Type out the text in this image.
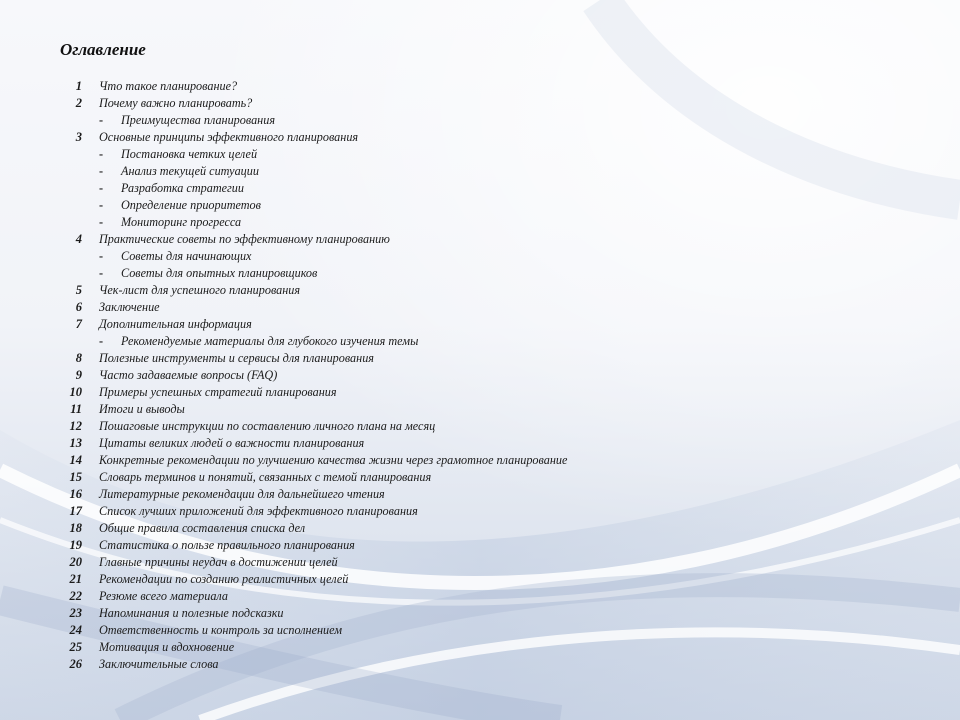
Оглавление
1 Что такое планирование?
2 Почему важно планировать?
-	Преимущества планирования
3 Основные принципы эффективного планирования
-	Постановка четких целей
-	Анализ текущей ситуации
-	Разработка стратегии
-	Определение приоритетов
-	Мониторинг прогресса
4 Практические советы по эффективному планированию
-	Советы для начинающих
-	Советы для опытных планировщиков
5 Чек-лист для успешного планирования
6 Заключение
7 Дополнительная информация
-	Рекомендуемые материалы для глубокого изучения темы
8 Полезные инструменты и сервисы для планирования
9 Часто задаваемые вопросы (FAQ)
10 Примеры успешных стратегий планирования
11 Итоги и выводы
12 Пошаговые инструкции по составлению личного плана на месяц
13 Цитаты великих людей о важности планирования
14 Конкретные рекомендации по улучшению качества жизни через грамотное планирование
15 Словарь терминов и понятий, связанных с темой планирования
16 Литературные рекомендации для дальнейшего чтения
17 Список лучших приложений для эффективного планирования
18 Общие правила составления списка дел
19 Статистика о пользе правильного планирования
20 Главные причины неудач в достижении целей
21 Рекомендации по созданию реалистичных целей
22 Резюме всего материала
23 Напоминания и полезные подсказки
24 Ответственность и контроль за исполнением
25 Мотивация и вдохновение
26 Заключительные слова
